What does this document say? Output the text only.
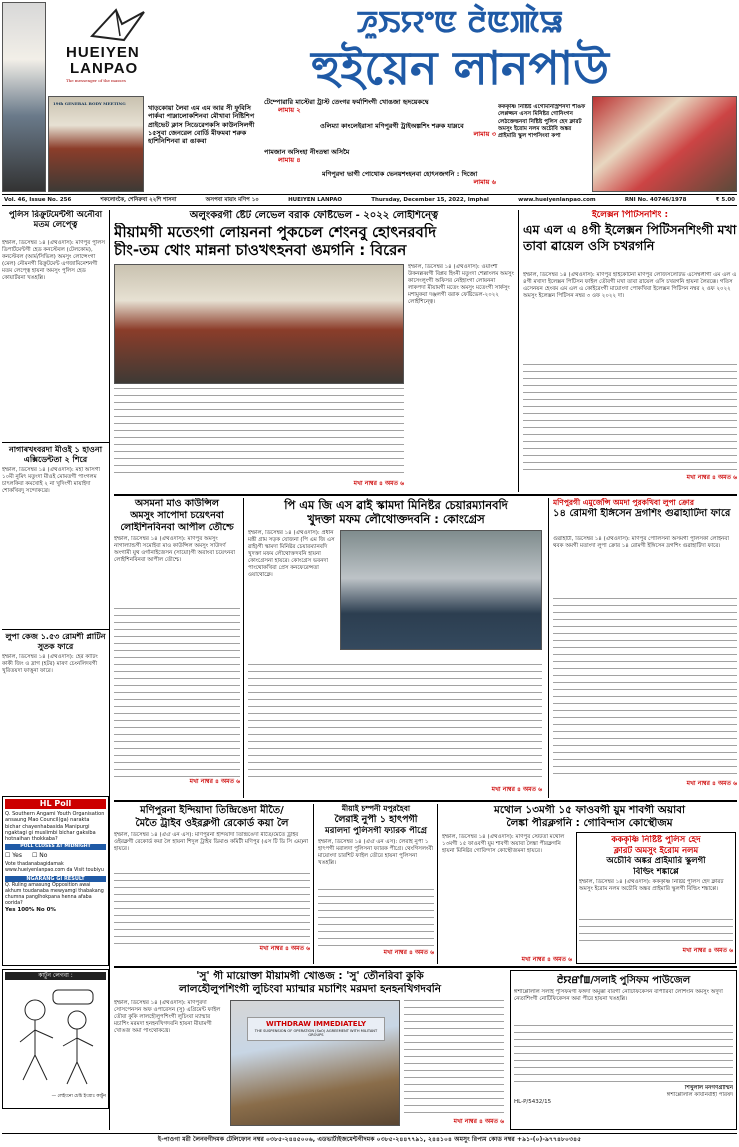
HUEIYEN
LANPAO
The messenger of the masses
ꯍꯨꯏꯌꯦꯟ ꯂꯥꯟꯄꯥꯎ
হুইয়েন লানপাউ
19th GENERAL BODY MEETING
খাড়কোয়া লৈবা এম এম আর সী ফুবিসি পার্কবা পাম্লালোকশিনবা মৌখাবা নিষ্টিশিপ প্রাইভেট ক্লাস সিডেরেপকসি কাউনসিলগী ১৫সুবা জেনরেল বোর্ডি মীফমবা শরুক হাশিনিশিনবা রা ঙাকবা
টেম্পোরারি মাস্টেরা ট্রাস্ট তেংগর ফর্মাশিংগী খোঙজা হৃদয়েকদ্বে
লামায় ২
ওলিম্যা কাংলেইরাসা মণিপুরগী ট্রাইঅল্পশিং শরুক যাম্লবে
লামায় ৩
পামজান অসিংহা নীংতম্বা অসিমৈ
লামায় ৪
মণিপুরদা ভাগী পোথোক ভেনয়শংহনবা হোৎনজগনি : দিজো
লামায় ৬
কককৃষ্ণি নিষ্টিষ্ট এগেমিনিস্ট্রিশনদা শীঙফ লেপ্পজ্জন এসস মিনিষ্টর গোনিংগন লেঠক্তেন্তনবা নিষ্টিষ্ট পুলিস হেদ ক্লারট অমসুং ইরোম নলম অচৌবি অঙ্কর প্রাইমারি স্কুল শাপসিংবা কপা
Vol. 46, Issue No. 256	শকলোংকৈ, শেনিরুবা ২২শি শাসনা	অসপবা মায়াং মণিপ ১০	HUEIYEN LANPAO	Thursday, December 15, 2022, Imphal	www.hueiyenlanpao.com	RNI No. 40746/1978	₹ 5.00
পুলিস রিক্রুটমেন্টগী অনৌবা মতম লেপ্ত্বে
ইম্ফাল, ডিসেম্বর ১৪ (ঐথওদাস): মণিপুর পুলিস ডিপার্টমেন্টগী হেড কনস্টেবল (টেলকোম), কনস্টেবল (আর্ম/সিভিল) অমসুং লোন্সেংগা (মেল) নৌমনগী রিক্রুটমেন্ট এগজামিনেশনগী মতম লেপ্ত্বে হায়না অমসুং পুলিস হেড কোয়ার্টরনা খঙহল্লি।
নাগাৰখংবরদা মীওই ১ হাওনা এক্সিডেন্টতা ২ শিরে
ইম্ফাল, ডিসেম্বর ১৪ (ঐথওদাস): মহা অসিগী ১০মী নুমিৎ মতুংদা মীওই মোমতগী পাংগলম চাৎলকিবা কমখোই ২ না খুদিংগী মায়াইদা শোকখিবদু সন্দোকখ্রে।
লুপা কেজ ১.৫৩ রোমশী প্লাটিন সুতক ফারে
ইম্ফাল, ডিসেম্বর ১৪ (ঐথওদাস): হের কাটিং কাকী জিং ও দ্রাগ (হটর) মাৰণ চেংনলিদবগী খুরিতয়দা ফাত্তুনা ফারে।
HL Poll
Q. Southern Angami Youth Organisation ansaung Mao Council(ga) narakta bichar chayenhabasida Manipurgi ngaktagi gi muslimbi bichar gaksiba hotnaihan thokkaba?
POLL CLOSES AT MIDNIGHT
☐ Yes ☐ No
Vote thadanabagidamak www.hueiyenlanpao.com da Visit toubiyu
NGARANG GI RESULT
Q. Ruling amasung Opposition awai akhum toudanaba mewyamgi thabakang chumna panglhokpana henna afaba oorida?
Yes 100% No 0%
কার্টুন লেগবা :
— লেইংনো চেচি ইংগ্রাঃ কার্টুন
অলুংকরগী ষ্টেট লেভেল বরাক ফেষ্টিভেল - ২০২২ লোইশিন্ত্বে
মীয়ামগী মতেংগা লোয়ননা পুকচেল শেংনবু হোৎনরবদি
চীং-তম থোং মান্ননা চাওখৎহনবা ঙমগনি : বিরেন
ইম্ফাল, ডিসেম্বর ১৪ (ঐথওদাস): ওয়াংশী উকনল্লব্বগী বিপ্লব হিংনী মতুংদা শেল্লাংলম অমসুং কাসেংলুংগী অফিসর নেইহাংগা লোয়ননা লাকপদা মীয়ামগী মতেং অমসুং মতেংগী সার্কসুং মশামুকবা দঞ্জলগী বরাক ফেষ্টিভেল-২০২২ লোইশিন্ত্বে।
মখা নাম্বর ৪ অমত ৬
ইলেক্সন পিটিসনশিং :
এম এল এ ৪গী ইলেক্সন পিটিসনশিংগী মখা তাবা ৱায়েল ওসি চখরগনি
ইম্ফাল, ডিসেম্বর ১৪ (ঐথওদাস): মণিপুর হাইকোর্টনা মণিপুর লেজিসলেটিভ এসেম্বলীগী এম এল এ ৪গী মখাদা ইলেক্সন পিটিসন ফাইল তৌবগী মখা তাবা ৱায়েল ওসি চখরগনি হায়না লৈরক্কে। গতিস এসেনয়ন হেংবম এম এল এ কোইরেংগী মায়োংদা পোকখিবা ইলেক্সন পিটিসন নম্বর ২ ওফ ২০২২ অমসুং ইলেক্সন পিটিসন নম্বর ৩ ওফ ২০২২ দা।
মখা নাম্বর ৪ অমত ৬
অসমনা মাও কাউন্সিল
অমসুং সাপোদা চয়েৎনবা
লোইশিনবিনবা আপীল তৌশ্চে
ইম্ফাল, ডিসেম্বর ১৪ (ঐথওদাস): মণিপুর অমসুং নাগাল্যান্ডগী সমোইবা মাও কাউন্সিল অমসুং সাউদর্ণ অংগামী য়ুথ ওর্গানাইজেসন (সায়ো)গী অরাংবা চয়েৎনবা লোইশিনবিনবা আপীল তৌশ্চে।
মখা নাম্বর ৪ অমত ৬
পি এম জি এস ৱাই স্কামদা মিনিষ্টর চেয়ারম্যানবদি
খুদক্তা মফম লৌথোক্তদবনি : কোংগ্রেস
ইম্ফাল, ডিসেম্বর ১৪ (ঐথওদাস): প্রধান মন্ত্রী গ্রাম সড়ক যোজনা (পি এম জি এস ৱাই)গী স্কামদা মিনিষ্টর চেয়ারম্যানবদি খুদক্তা মফম লৌথোক্তদবনি হায়না কোংগ্রেসনা হায়রে। কোংগ্রেস ভবনদা পাংথোকখিবা প্রেস কনফেরেন্সতা ওয়াথোক্লে।
মখা নাম্বর ৪ অমত ৬
মণিপুরগী এমুর্জেন্সি অমদা পুরকখিবা লুপা ক্রোর
১৪ রোমগী ইঙ্গিসেন দ্রগশিং গুৱাহাটিদা ফারে
গুৱাহাটী, ডিসেম্বর ১৪ (ঐথওদাস): মণিপুর পোলিসনা অসমগী পুলিসকা লোইনবা থবক অমগী মতাংদা লুপা ক্রোর ১৪ রোমগী ইঙ্গিসেন দ্রগশিং গুৱাহাটিদা ফারে।
মখা নাম্বর ৪ অমত ৬
মণিপুরনা ইন্দিয়াদা তিন্দ্রিঙেদা মীতৈ/
মৈতৈ ট্রাইব ওইরক্লগী রেকোর্ড কয়া লৈ
ইম্ফাল, ডিসেম্বর ১৪ (ঐঐ এন এস): মণিপুরনা ইন্দিয়াদা তিন্দ্রিঙেদা মীতৈ/মৈতৈ ট্রাইব ওইরক্লগী রেকোর্ড কয়া লৈ হায়না শিদুল ট্রাইব ডিমাণ্ড কমিটী মণিপুর (এস টি ডি সি এম)না হায়রে।
মখা নাম্বর ৪ অমত ৬
মীয়াই চম্পনী মপুরহৈবা
লৈরাই নুপী ১ হাৎপগী
মরালদা পুলিসগী ফ্যারক পীগ্রে
ইম্ফাল, ডিসেম্বর ১৪ (ঐঐ এন এস): লৈরাই নুপী ১ হাৎপগী মরালদা পুলিসনা ফ্যারক পীগ্রে। থেংগিসলংবী মায়োংদা চারশিট ফাইল তৌরে হায়না পুলিসনা খঙহল্লি।
মখা নাম্বর ৪ অমত ৬
মথোল ১৩মগী ১৫ ফাওবগী য়ুম শাবগী অয়াবা
লৈঙ্কা পীরক্লগনি : গোবিন্দাস কোস্থৌজম
ইম্ফাল, ডিসেম্বর ১৪ (ঐথওদাস): মণিপুর স্টেটতা মথোল ১৩মগী ১৫ ফাওবগী য়ুম শাবগী অয়াবা লৈঙ্কা পীরক্লগনি হায়না মিনিষ্টর গোবিন্দাস কোস্থৌজমনা হায়রে।
কককৃষ্ণি নিষ্টিষ্ট পুলিস হেদ
ক্লারট অমসুং ইরোম নলম
অচৌবি অঙ্কর প্রাইমারি স্কুলগী
বিল্ডিং শঙ্কাপ্পে
ইম্ফাল, ডিসেম্বর ১৪ (ঐথওদাস): কককৃষ্ণি নিষ্টিষ্ট পুলিস হেদ ক্লারট অমসুং ইরোম নলম অচৌবি অঙ্কর প্রাইমারি স্কুলগী বিল্ডিং শঙ্কাপ্পে।
মখা নাম্বর ৪ অমত ৬
মখা নাম্বর ৪ অমত ৬
'সু' গী মায়োক্তা মীয়ামগী খোঙজ : 'সু' তৌনরিবা কুকি
লালহৌলুপশিংগী লুচিংবা ম্যান্মার মচাশিং মরমদা হনহনখিগদবনি
ইম্ফাল, ডিসেম্বর ১৪ (ঐথওদাস): মণিপুরদা সোসপেনসন অফ ওপারেসন (সু) এগ্রিমেন্ট ফাইল তৌবা কুকি লালহৌলুপশিংগী লুচিংবা ম্যান্মার মচাশিং মরমদা হনহনখিগদবনি হায়না মীয়ামগী খোঙজ অমা পাংথোকখ্রে।
WITHDRAW IMMEDIATELY
THE SUSPENSION OF OPERATION (SoO) AGREEMENT WITH MILITANT GROUPS
মখা নাম্বর ৪ অমত ৬
ꯂꯥꯌꯔꯤꯡ/সলাই পুসিফম পাউজেল
ঈশাপ্পোলাল সলাই পুসিফমগী ফঙ্গদা অমুক্কা বারগী নোটিফিকেসন বাপীরিবা লৈশিংনি অমসুং অদুদা নেতাশিংগী নোটিফিকেসন অমা পীরে হায়না খঙহল্লি।
শিখুলাল মনগণগ্রাম্মিন
ঈশাপ্পোলাল কাৰ্যনির্বাহী পরিষদ
HL-P/5432/15
ই-পাওগা মরী লৈনবগীদমক টেলিফোন নম্বর ০৩৮৫-২৪৪৫০০৬, এডভার্টাইজমেন্টগীদমক ০৩৮৫-২৪৪৭৭৯১, ২৪৪১০৪ অমসুং রিপ্যম কোড নম্বর +৯১-(০)-৯৭৭৪৮০৩৪৫
